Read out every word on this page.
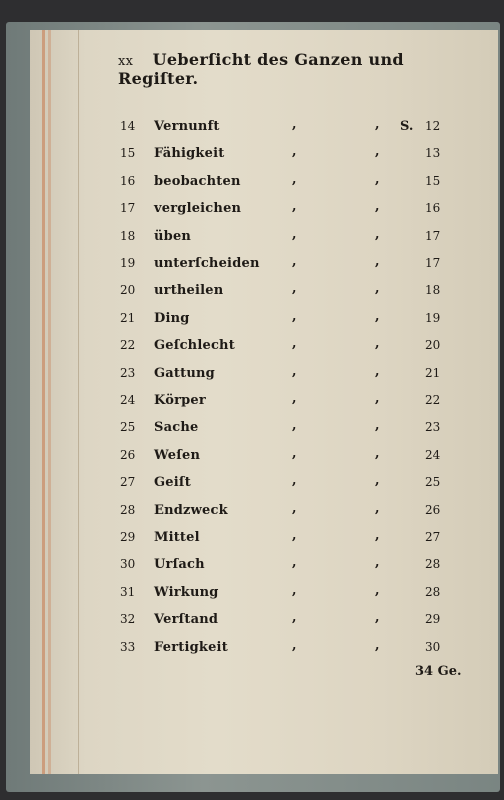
xx Ueberſicht des Ganzen und Regiſter.
14 Vernunft	,	, S. 12
15 Fähigkeit	,	,	13
16 beobachten	,	,	15
17 vergleichen	,	,	16
18 üben	,	,	17
19 unterſcheiden ,	,	17
20 urtheilen	,	,	18
21 Ding	,	,	19
22 Geſchlecht	,	,	20
23 Gattung	,	,	21
24 Körper	,	,	22
25 Sache	,	,	23
26 Weſen	,	,	24
27 Geiſt	,	,	25
28 Endzweck	,	,	26
29 Mittel	,	,	27
30 Urſach	,	,	28
31 Wirkung	,	,	28
32 Verſtand	,	,	29
33 Fertigkeit	,	,	30
34 Ge.
